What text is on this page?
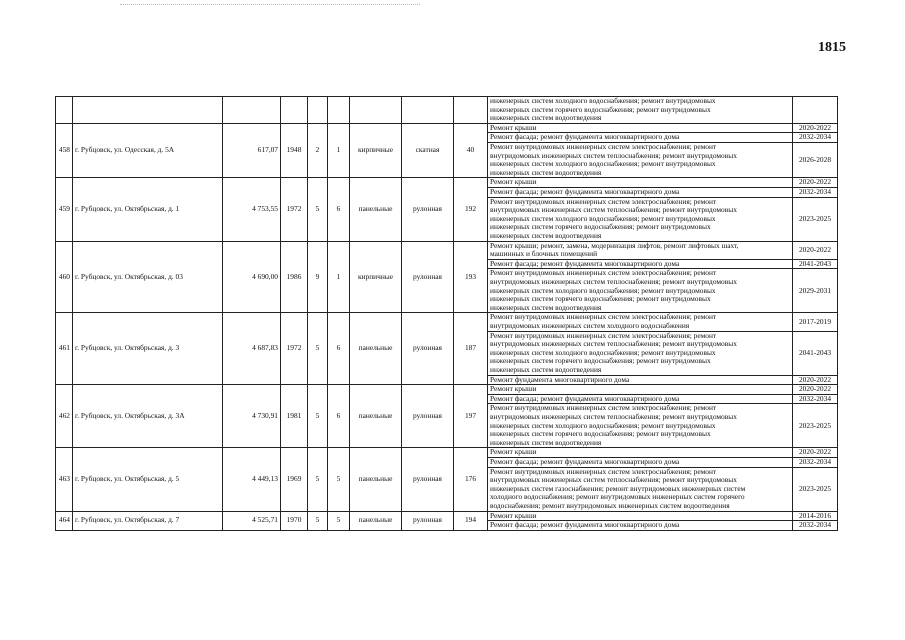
1815
									инженерных систем холодного водоснабжения; ремонт внутридомовых
инженерных систем горячего водоснабжения; ремонт внутридомовых
инженерных систем водоотведения	
458	г. Рубцовск, ул. Одесская, д. 5А	617,07	1948	2	1	кирпичные	скатная	40	Ремонт крыши	2020-2022
									Ремонт фасада; ремонт фундамента многоквартирного дома	2032-2034
									Ремонт внутридомовых инженерных систем электроснабжения; ремонт
внутридомовых инженерных систем теплоснабжения; ремонт внутридомовых
инженерных систем холодного водоснабжения; ремонт внутридомовых
инженерных систем водоотведения	2026-2028
459	г. Рубцовск, ул. Октябрьская, д. 1	4 753,55	1972	5	6	панельные	рулонная	192	Ремонт крыши	2020-2022
									Ремонт фасада; ремонт фундамента многоквартирного дома	2032-2034
									Ремонт внутридомовых инженерных систем электроснабжения; ремонт
внутридомовых инженерных систем теплоснабжения; ремонт внутридомовых
инженерных систем холодного водоснабжения; ремонт внутридомовых
инженерных систем горячего водоснабжения; ремонт внутридомовых
инженерных систем водоотведения	2023-2025
460	г. Рубцовск, ул. Октябрьская, д. 03	4 690,00	1986	9	1	кирпичные	рулонная	193	Ремонт крыши; ремонт, замена, модернизация лифтов, ремонт лифтовых шахт,
машинных и блочных помещений	2020-2022
									Ремонт фасада; ремонт фундамента многоквартирного дома	2041-2043
									Ремонт внутридомовых инженерных систем электроснабжения; ремонт
внутридомовых инженерных систем теплоснабжения; ремонт внутридомовых
инженерных систем холодного водоснабжения; ремонт внутридомовых
инженерных систем горячего водоснабжения; ремонт внутридомовых
инженерных систем водоотведения	2029-2031
461	г. Рубцовск, ул. Октябрьская, д. 3	4 687,83	1972	5	6	панельные	рулонная	187	Ремонт внутридомовых инженерных систем электроснабжения; ремонт
внутридомовых инженерных систем холодного водоснабжения	2017-2019
									Ремонт внутридомовых инженерных систем электроснабжения; ремонт
внутридомовых инженерных систем теплоснабжения; ремонт внутридомовых
инженерных систем холодного водоснабжения; ремонт внутридомовых
инженерных систем горячего водоснабжения; ремонт внутридомовых
инженерных систем водоотведения	2041-2043
									Ремонт фундамента многоквартирного дома	2020-2022
462	г. Рубцовск, ул. Октябрьская, д. 3А	4 730,91	1981	5	6	панельные	рулонная	197	Ремонт крыши	2020-2022
									Ремонт фасада; ремонт фундамента многоквартирного дома	2032-2034
									Ремонт внутридомовых инженерных систем электроснабжения; ремонт
внутридомовых инженерных систем теплоснабжения; ремонт внутридомовых
инженерных систем холодного водоснабжения; ремонт внутридомовых
инженерных систем горячего водоснабжения; ремонт внутридомовых
инженерных систем водоотведения	2023-2025
463	г. Рубцовск, ул. Октябрьская, д. 5	4 449,13	1969	5	5	панельные	рулонная	176	Ремонт крыши	2020-2022
									Ремонт фасада; ремонт фундамента многоквартирного дома	2032-2034
									Ремонт внутридомовых инженерных систем электроснабжения; ремонт
внутридомовых инженерных систем теплоснабжения; ремонт внутридомовых
инженерных систем газоснабжения; ремонт внутридомовых инженерных систем
холодного водоснабжения; ремонт внутридомовых инженерных систем горячего
водоснабжения; ремонт внутридомовых инженерных систем водоотведения	2023-2025
464	г. Рубцовск, ул. Октябрьская, д. 7	4 525,71	1970	5	5	панельные	рулонная	194	Ремонт крыши	2014-2016
									Ремонт фасада; ремонт фундамента многоквартирного дома	2032-2034
